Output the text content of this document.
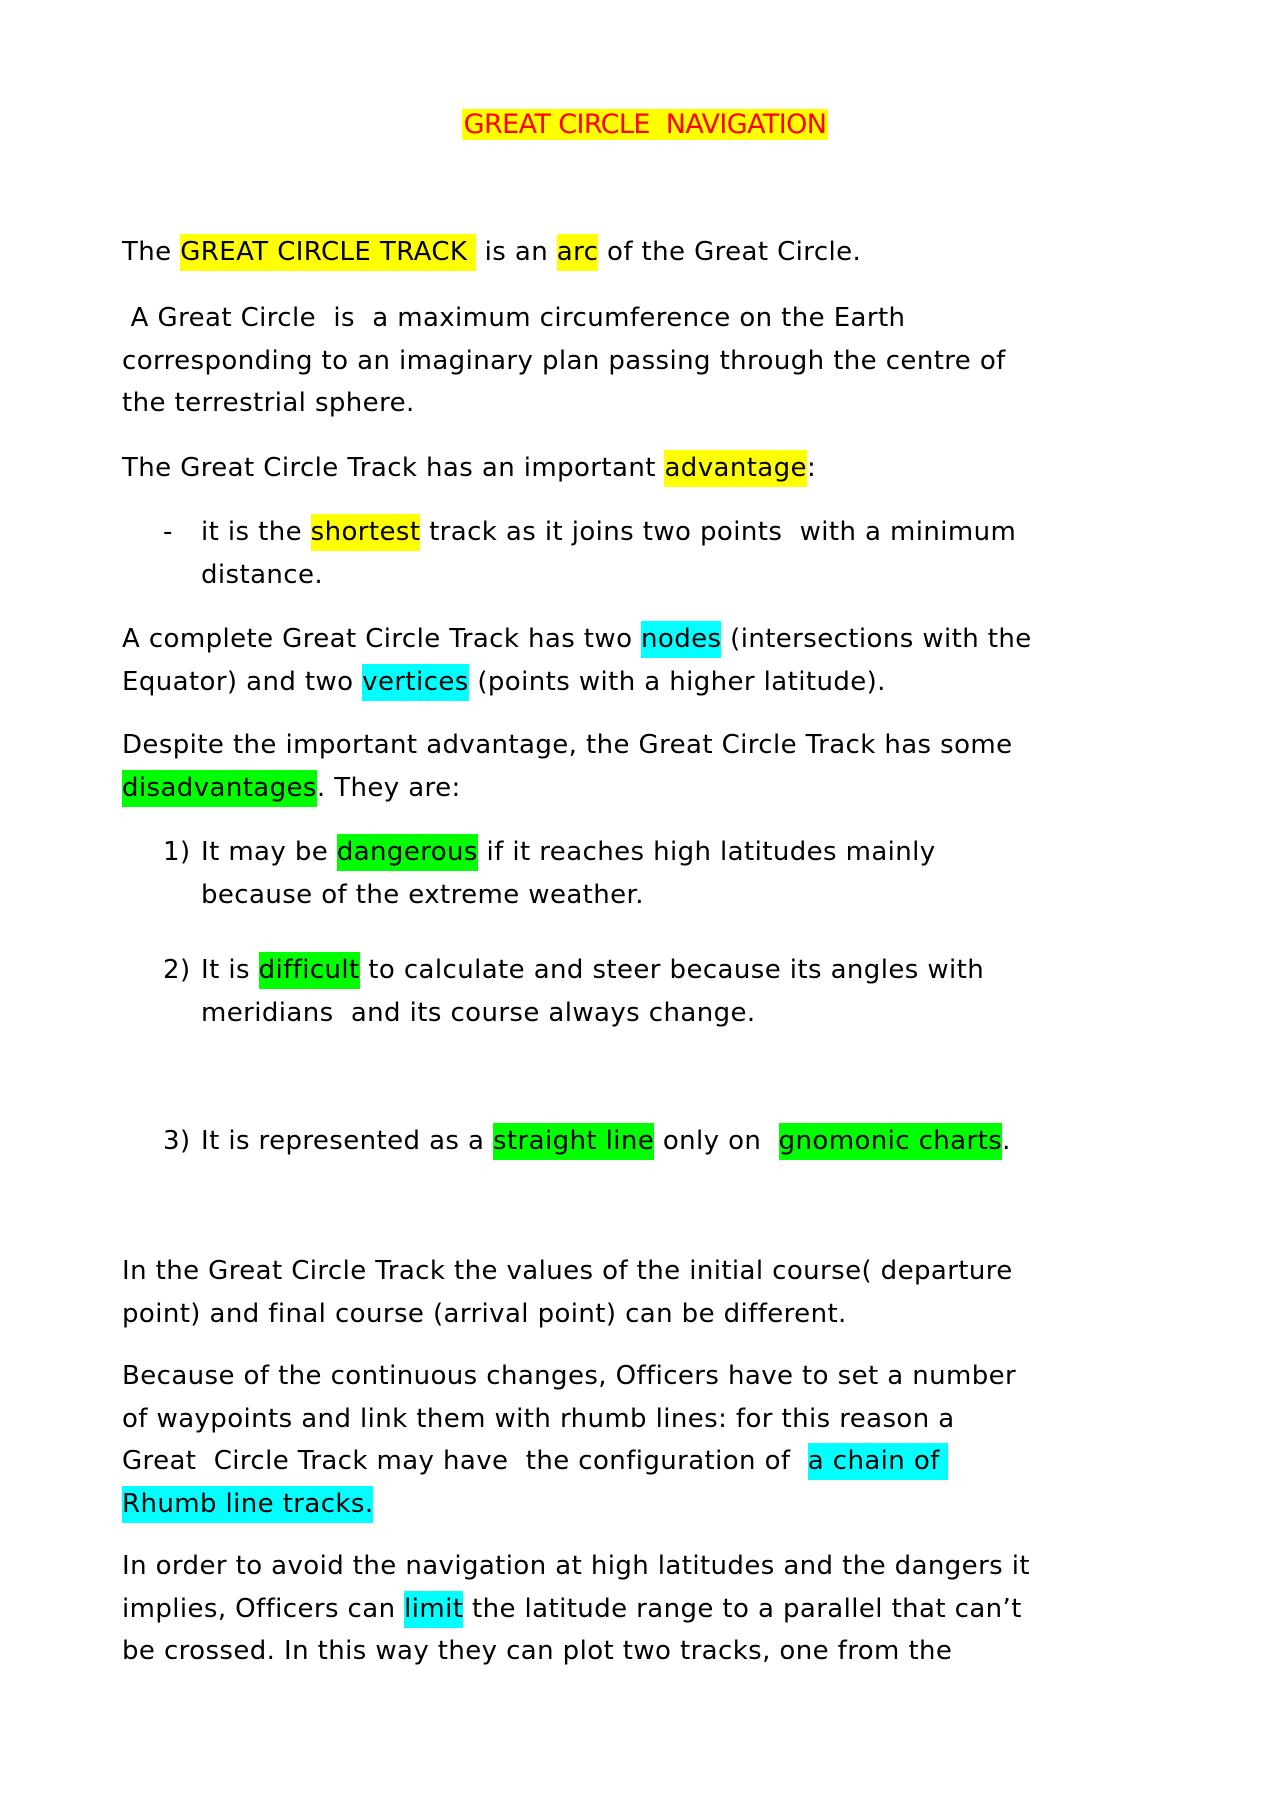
GREAT CIRCLE  NAVIGATION

The GREAT CIRCLE TRACK  is an arc of the Great Circle.

A Great Circle  is  a maximum circumference on the Earth
corresponding to an imaginary plan passing through the centre of
the terrestrial sphere.

The Great Circle Track has an important advantage:

- it is the shortest track as it joins two points  with a minimum
distance.

A complete Great Circle Track has two nodes (intersections with the
Equator) and two vertices (points with a higher latitude).

Despite the important advantage, the Great Circle Track has some
disadvantages. They are:

1) It may be dangerous if it reaches high latitudes mainly
because of the extreme weather.
2) It is difficult to calculate and steer because its angles with
meridians  and its course always change.
3) It is represented as a straight line only on  gnomonic charts.

In the Great Circle Track the values of the initial course( departure
point) and final course (arrival point) can be different.

Because of the continuous changes, Officers have to set a number
of waypoints and link them with rhumb lines: for this reason a
Great  Circle Track may have  the configuration of  a chain of
Rhumb line tracks.

In order to avoid the navigation at high latitudes and the dangers it
implies, Officers can limit the latitude range to a parallel that can’t
be crossed. In this way they can plot two tracks, one from the
